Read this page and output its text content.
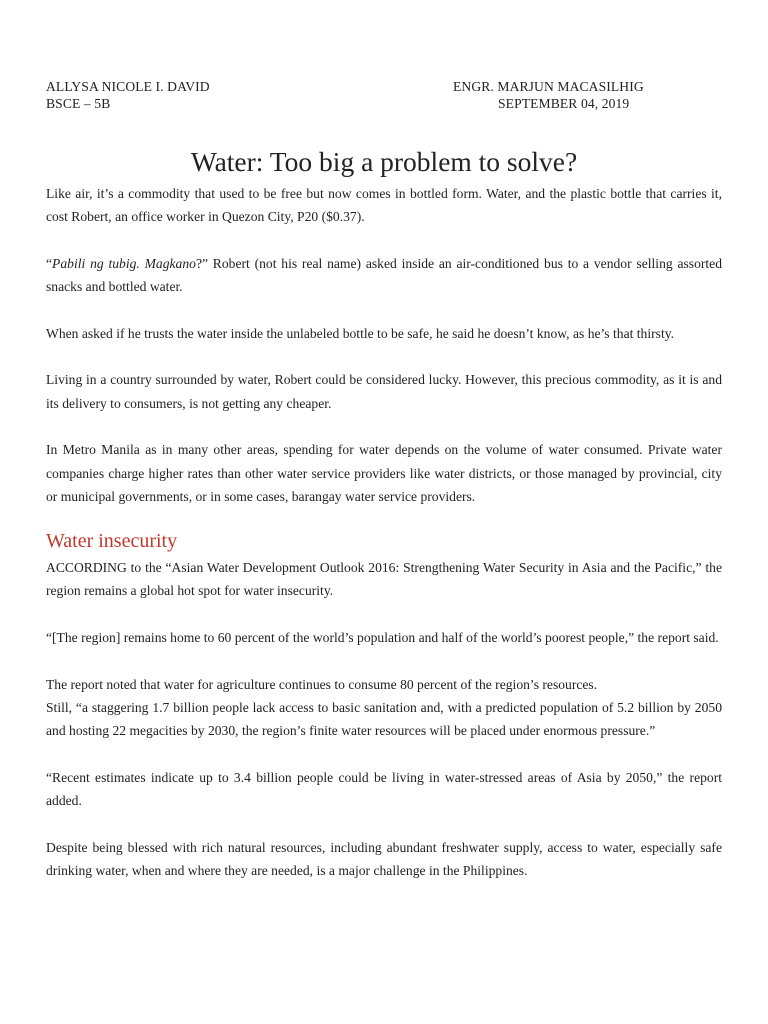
ALLYSA NICOLE I. DAVID	ENGR. MARJUN MACASILHIG
BSCE – 5B	SEPTEMBER 04, 2019
Water: Too big a problem to solve?

Like air, it’s a commodity that used to be free but now comes in bottled form. Water, and the plastic bottle that carries it, cost Robert, an office worker in Quezon City, P20 ($0.37).

“Pabili ng tubig. Magkano?” Robert (not his real name) asked inside an air-conditioned bus to a vendor selling assorted snacks and bottled water.

When asked if he trusts the water inside the unlabeled bottle to be safe, he said he doesn’t know, as he’s that thirsty.

Living in a country surrounded by water, Robert could be considered lucky. However, this precious commodity, as it is and its delivery to consumers, is not getting any cheaper.

In Metro Manila as in many other areas, spending for water depends on the volume of water consumed. Private water companies charge higher rates than other water service providers like water districts, or those managed by provincial, city or municipal governments, or in some cases, barangay water service providers.

Water insecurity

ACCORDING to the “Asian Water Development Outlook 2016: Strengthening Water Security in Asia and the Pacific,” the region remains a global hot spot for water insecurity.

“[The region] remains home to 60 percent of the world’s population and half of the world’s poorest people,” the report said.

The report noted that water for agriculture continues to consume 80 percent of the region’s resources.

Still, “a staggering 1.7 billion people lack access to basic sanitation and, with a predicted population of 5.2 billion by 2050 and hosting 22 megacities by 2030, the region’s finite water resources will be placed under enormous pressure.”

“Recent estimates indicate up to 3.4 billion people could be living in water-stressed areas of Asia by 2050,” the report added.

Despite being blessed with rich natural resources, including abundant freshwater supply, access to water, especially safe drinking water, when and where they are needed, is a major challenge in the Philippines.
